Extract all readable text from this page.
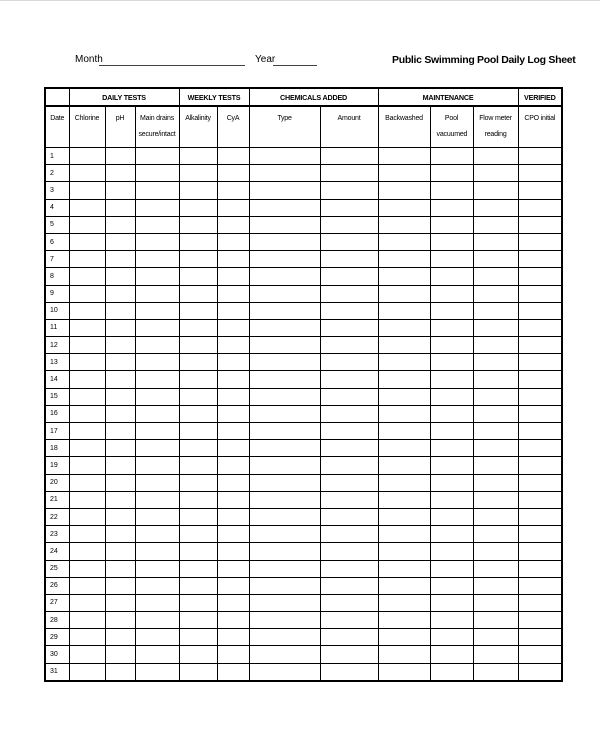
Month	Year	Public Swimming Pool Daily Log Sheet
	DAILY TESTS			WEEKLY TESTS		CHEMICALS ADDED		MAINTENANCE			VERIFIED
Date	Chlorine	pH	Main drains secure/intact	Alkalinity	CyA	Type	Amount	Backwashed	Pool vacuumed	Flow meter reading	CPO initial
1											
2											
3											
4											
5											
6											
7											
8											
9											
10											
11											
12											
13											
14											
15											
16											
17											
18											
19											
20											
21											
22											
23											
24											
25											
26											
27											
28											
29											
30											
31											
